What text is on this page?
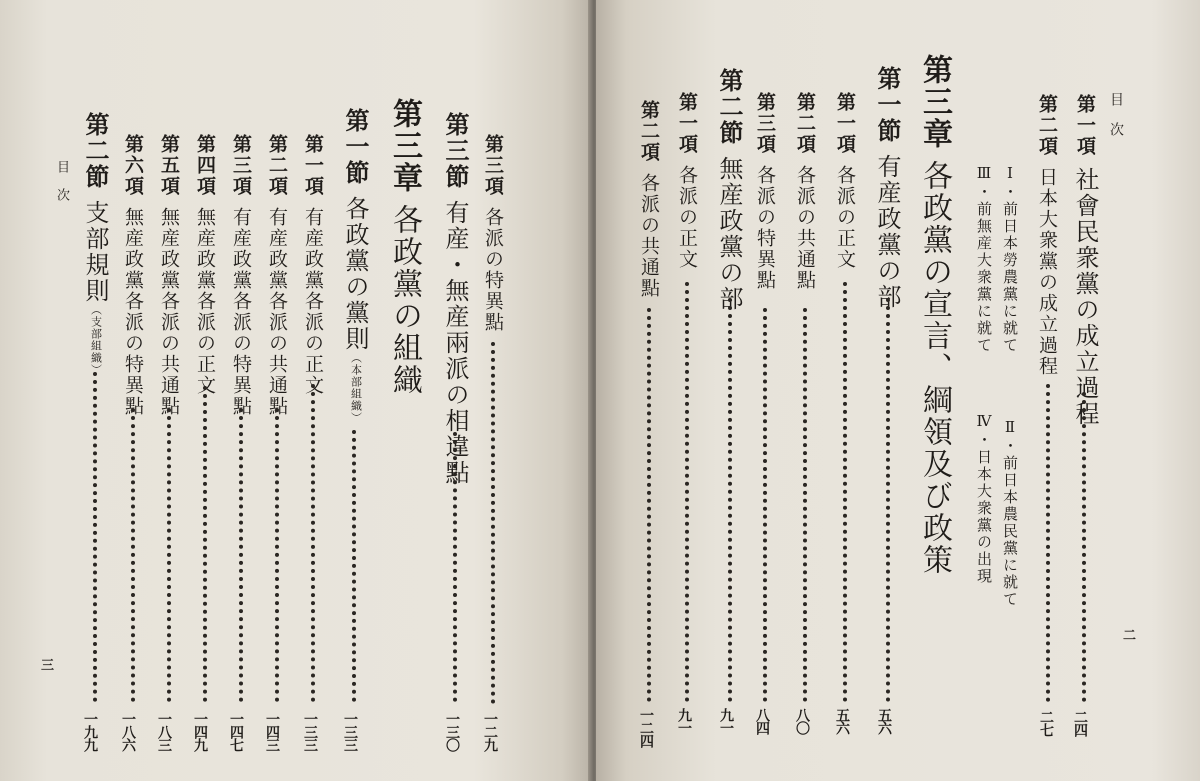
目 次
三
第三項
各派の特異點
一二九
第三節
有産・無産兩派の相違點
一三〇
第三章
各政黨の組織
第一節
各政黨の黨則
（本部組織）
一三三
第一項
有産政黨各派の正文
一三三
第二項
有産政黨各派の共通點
一四三
第三項
有産政黨各派の特異點
一四七
第四項
無産政黨各派の正文
一四九
第五項
無産政黨各派の共通點
一八三
第六項
無産政黨各派の特異點
一八六
第二節
支部規則
（支部組織）
一九九
目 次
二
第一項
社會民衆黨の成立過程
二四
第二項
日本大衆黨の成立過程
二七
Ⅰ・前日本勞農黨に就て
Ⅱ・前日本農民黨に就て
Ⅲ・前無産大衆黨に就て
Ⅳ・日本大衆黨の出現
第三章
各政黨の宣言、綱領及び政策
第一節
有産政黨の部
五六
第一項
各派の正文
五六
第二項
各派の共通點
八〇
第三項
各派の特異點
八四
第二節
無産政黨の部
九一
第一項
各派の正文
九一
第二項
各派の共通點
一二四
